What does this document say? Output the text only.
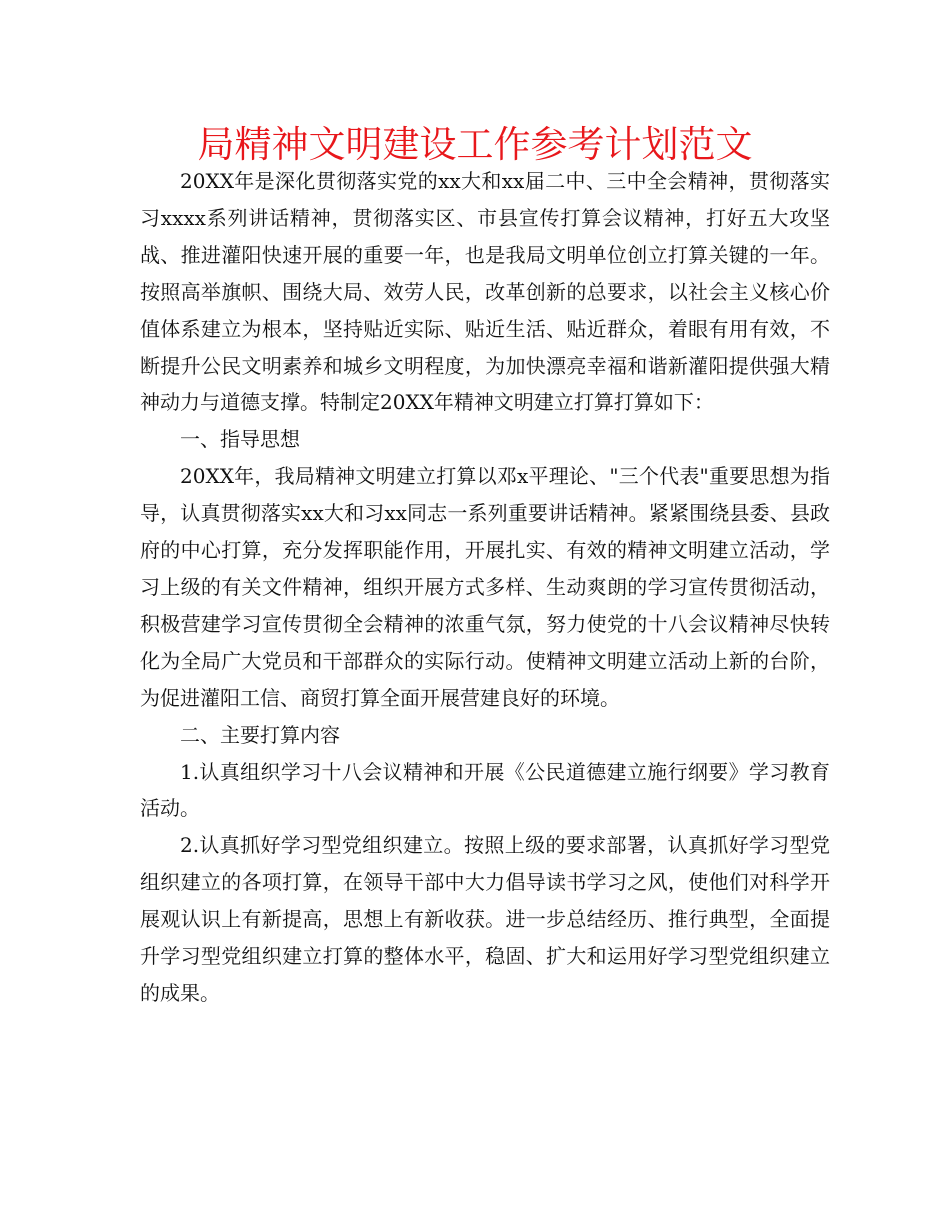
局精神文明建设工作参考计划范文

20XX年是深化贯彻落实党的xx大和xx届二中、三中全会精神，贯彻落实习xxxx系列讲话精神，贯彻落实区、市县宣传打算会议精神，打好五大攻坚战、推进灌阳快速开展的重要一年，也是我局文明单位创立打算关键的一年。按照高举旗帜、围绕大局、效劳人民，改革创新的总要求，以社会主义核心价值体系建立为根本，坚持贴近实际、贴近生活、贴近群众，着眼有用有效，不断提升公民文明素养和城乡文明程度，为加快漂亮幸福和谐新灌阳提供强大精神动力与道德支撑。特制定20XX年精神文明建立打算打算如下：

一、指导思想

20XX年，我局精神文明建立打算以邓x平理论、"三个代表"重要思想为指导，认真贯彻落实xx大和习xx同志一系列重要讲话精神。紧紧围绕县委、县政府的中心打算，充分发挥职能作用，开展扎实、有效的精神文明建立活动，学习上级的有关文件精神，组织开展方式多样、生动爽朗的学习宣传贯彻活动，积极营建学习宣传贯彻全会精神的浓重气氛，努力使党的十八会议精神尽快转化为全局广大党员和干部群众的实际行动。使精神文明建立活动上新的台阶，为促进灌阳工信、商贸打算全面开展营建良好的环境。

二、主要打算内容

1.认真组织学习十八会议精神和开展《公民道德建立施行纲要》学习教育活动。

2.认真抓好学习型党组织建立。按照上级的要求部署，认真抓好学习型党组织建立的各项打算，在领导干部中大力倡导读书学习之风，使他们对科学开展观认识上有新提高，思想上有新收获。进一步总结经历、推行典型，全面提升学习型党组织建立打算的整体水平，稳固、扩大和运用好学习型党组织建立的成果。
